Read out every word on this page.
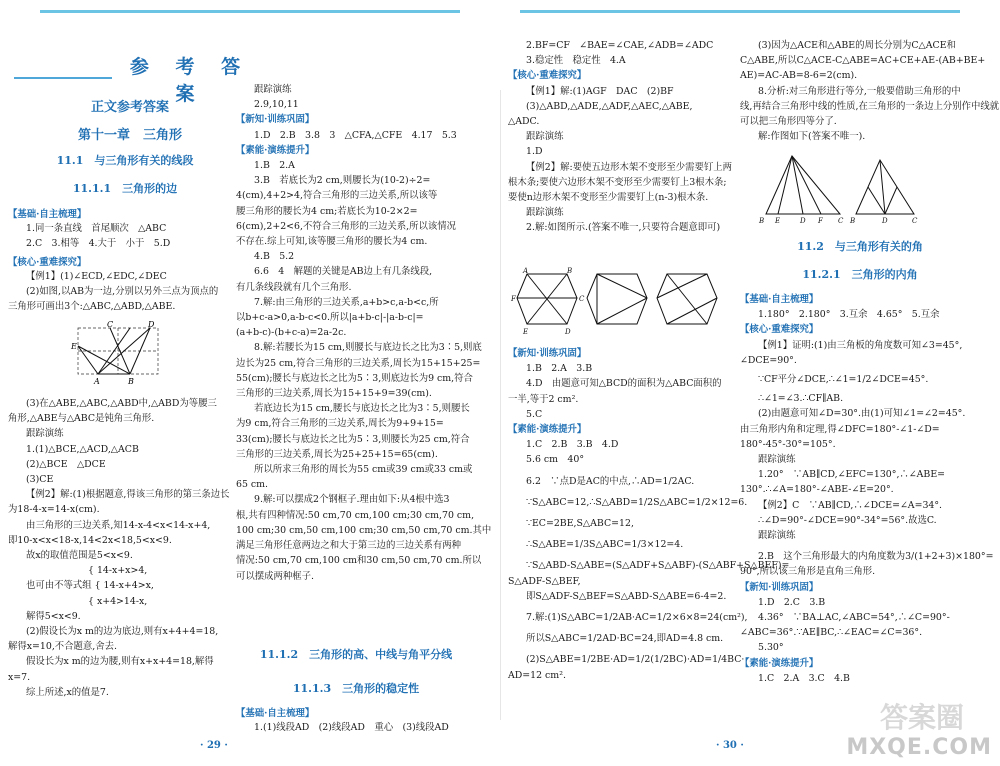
参 考 答 案
正文参考答案
第十一章　三角形
11.1　与三角形有关的线段
11.1.1　三角形的边
【基础·自主梳理】

1.同一条直线　首尾顺次　△ABC

2.C　3.相等　4.大于　小于　5.D

【核心·重难探究】

【例1】(1)∠ECD,∠EDC,∠DEC

(2)如图,以AB为一边,分别以另外三点为顶点的

三角形可画出3个:△ABC,△ABD,△ABE.

E
A	B
C	D

(3)在△ABE,△ABC,△ABD中,△ABD为等腰三

角形,△ABE与△ABC是钝角三角形.

跟踪演练

1.(1)△BCE,△ACD,△ACB

(2)△BCE　△DCE

(3)CE

【例2】解:(1)根据题意,得该三角形的第三条边长

为18-4-x=14-x(cm).

由三角形的三边关系,知14-x-4<x<14-x+4,

即10-x<x<18-x,14<2x<18,5<x<9.

故x的取值范围是5<x<9.

{ 14-x+x>4,

也可由不等式组 { 14-x+4>x,

{ x+4>14-x,

解得5<x<9.

(2)假设长为x m的边为底边,则有x+4+4=18,

解得x=10,不合题意,舍去.

假设长为x m的边为腰,则有x+x+4=18,解得

x=7.

综上所述,x的值是7.

· 29 ·

跟踪演练

2.9,10,11

【新知·训练巩固】

1.D　2.B　3.8　3　△CFA,△CFE　4.17　5.3

【素能·演练提升】

1.B　2.A

3.B　若底长为2 cm,则腰长为(10-2)÷2=

4(cm),4+2>4,符合三角形的三边关系,所以该等

腰三角形的腰长为4 cm;若底长为10-2×2=

6(cm),2+2<6,不符合三角形的三边关系,所以该情况

不存在.综上可知,该等腰三角形的腰长为4 cm.

4.B　5.2

6.6　4　解题的关键是AB边上有几条线段,

有几条线段就有几个三角形.

7.解:由三角形的三边关系,a+b>c,a-b<c,所

以b+c-a>0,a-b-c<0.所以|a+b-c|-|a-b-c|=

(a+b-c)-(b+c-a)=2a-2c.

8.解:若腰长为15 cm,则腰长与底边长之比为3∶5,则底

边长为25 cm,符合三角形的三边关系,周长为15+15+25=

55(cm);腰长与底边长之比为5∶3,则底边长为9 cm,符合

三角形的三边关系,周长为15+15+9=39(cm).

若底边长为15 cm,腰长与底边长之比为3∶5,则腰长

为9 cm,符合三角形的三边关系,周长为9+9+15=

33(cm);腰长与底边长之比为5∶3,则腰长为25 cm,符合

三角形的三边关系,周长为25+25+15=65(cm).

所以所求三角形的周长为55 cm或39 cm或33 cm或

65 cm.

9.解:可以摆成2个钢框子.理由如下:从4根中选3

根,共有四种情况:50 cm,70 cm,100 cm;30 cm,70 cm,

100 cm;30 cm,50 cm,100 cm;30 cm,50 cm,70 cm.其中

满足三角形任意两边之和大于第三边的三边关系有两种

情况:50 cm,70 cm,100 cm和30 cm,50 cm,70 cm.所以

可以摆成两种框子.

11.1.2　三角形的高、中线与角平分线
11.1.3　三角形的稳定性
【基础·自主梳理】

1.(1)线段AD　(2)线段AD　重心　(3)线段AD

2.BF=CF　∠BAE=∠CAE,∠ADB=∠ADC

3.稳定性　稳定性　4.A

【核心·重难探究】

【例1】解:(1)AGF　DAC　(2)BF

(3)△ABD,△ADE,△ADF,△AEC,△ABE,

△ADC.

跟踪演练

1.D

【例2】解:要使五边形木架不变形至少需要钉上两

根木条;要使六边形木架不变形至少需要钉上3根木条;

要使n边形木架不变形至少需要钉上(n-3)根木条.

跟踪演练

2.解:如图所示.(答案不唯一,只要符合题意即可)

A	B
C
D
E
F

【新知·训练巩固】

1.B　2.A　3.B

4.D　由题意可知△BCD的面积为△ABC面积的

一半,等于2 cm².

5.C

【素能·演练提升】

1.C　2.B　3.B　4.D

5.6 cm　40°

6.2　∵点D是AC的中点,∴AD=1/2AC.

∵S△ABC=12,∴S△ABD=1/2S△ABC=1/2×12=6.

∵EC=2BE,S△ABC=12,

∴S△ABE=1/3S△ABC=1/3×12=4.

∵S△ABD-S△ABE=(S△ADF+S△ABF)-(S△ABF+S△BEF)=

S△ADF-S△BEF,

即S△ADF-S△BEF=S△ABD-S△ABE=6-4=2.

7.解:(1)S△ABC=1/2AB·AC=1/2×6×8=24(cm²),

所以S△ABC=1/2AD·BC=24,即AD=4.8 cm.

(2)S△ABE=1/2BE·AD=1/2(1/2BC)·AD=1/4BC·

AD=12 cm².

· 30 ·

(3)因为△ACE和△ABE的周长分别为C△ACE和

C△ABE,所以C△ACE-C△ABE=AC+CE+AE-(AB+BE+

AE)=AC-AB=8-6=2(cm).

8.分析:对三角形进行等分,一般要借助三角形的中

线,再结合三角形中线的性质,在三角形的一条边上分别作中线就

可以把三角形四等分了.

解:作图如下(答案不唯一).

B E	D F C B	D	C
11.2　与三角形有关的角
11.2.1　三角形的内角

【基础·自主梳理】

1.180°　2.180°　3.互余　4.65°　5.互余

【核心·重难探究】

【例1】证明:(1)由三角板的角度数可知∠3=45°,

∠DCE=90°.

∵CF平分∠DCE,∴∠1=1/2∠DCE=45°.

∴∠1=∠3.∴CF∥AB.

(2)由题意可知∠D=30°.由(1)可知∠1=∠2=45°.

由三角形内角和定理,得∠DFC=180°-∠1-∠D=

180°-45°-30°=105°.

跟踪演练

1.20°　∵AB∥CD,∠EFC=130°,∴∠ABE=

130°.∴∠A=180°-∠ABE-∠E=20°.

【例2】C　∵AB∥CD,∴∠DCE=∠A=34°.

∴∠D=90°-∠DCE=90°-34°=56°.故选C.

跟踪演练

2.B　这个三角形最大的内角度数为3/(1+2+3)×180°=

90°,所以该三角形是直角三角形.

【新知·训练巩固】

1.D　2.C　3.B

4.36°　∵BA⊥AC,∠ABC=54°,∴∠C=90°-

∠ABC=36°.∵AE∥BC,∴∠EAC=∠C=36°.

5.30°

【素能·演练提升】

1.C　2.A　3.C　4.B

答案圈
MXQE.COM
